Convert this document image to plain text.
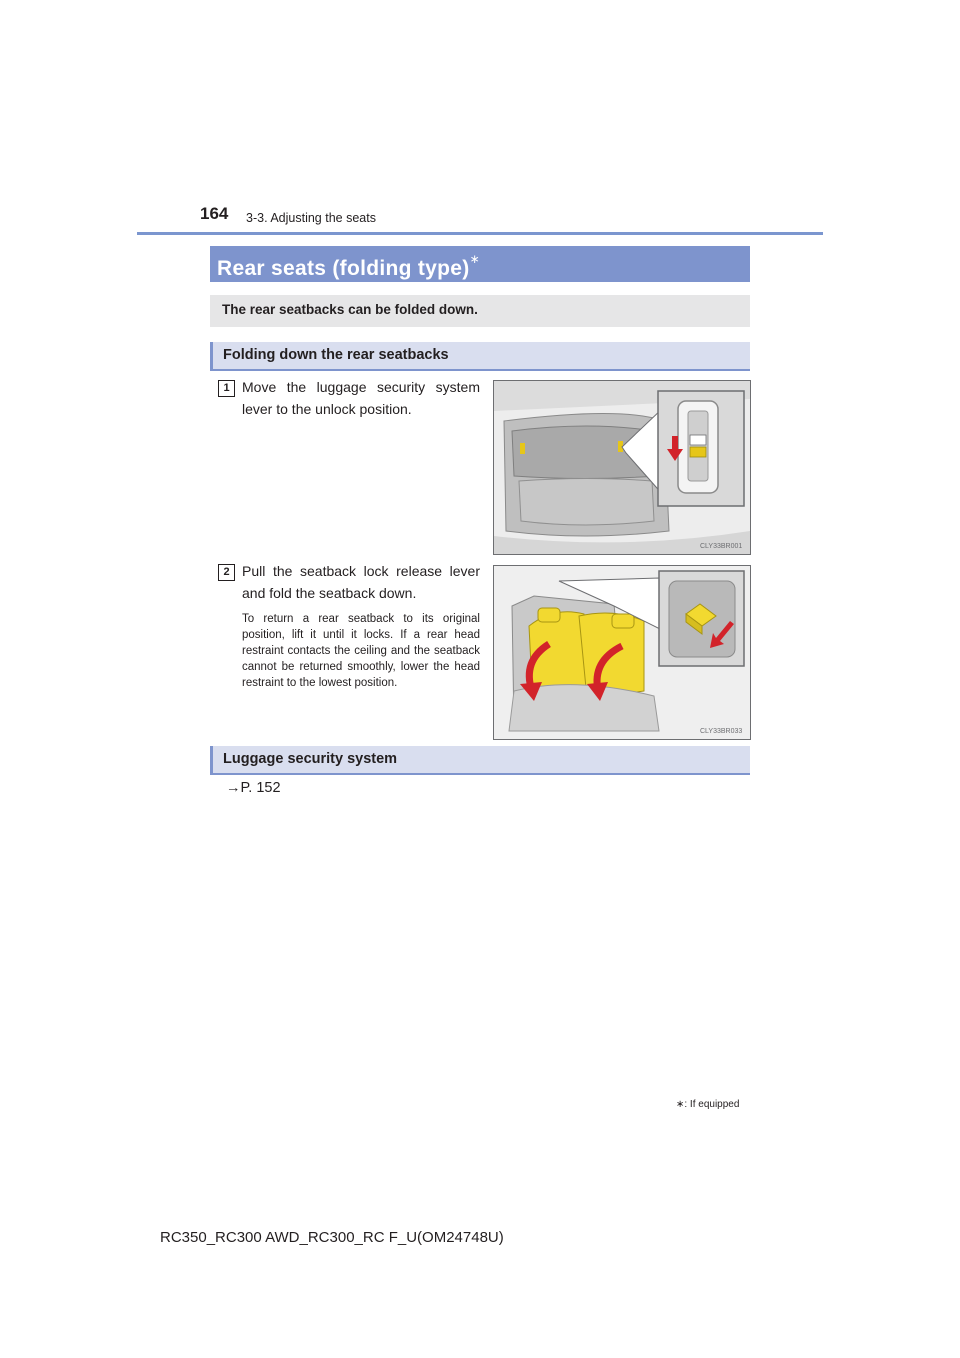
164 3-3. Adjusting the seats
Rear seats (folding type)∗
The rear seatbacks can be folded down.
Folding down the rear seatbacks
1 Move the luggage security system lever to the unlock position.
CLY33BR001
2 Pull the seatback lock release lever and fold the seatback down.
To return a rear seatback to its original position, lift it until it locks. If a rear head restraint contacts the ceiling and the seatback cannot be returned smoothly, lower the head restraint to the lowest position.
CLY33BR033
Luggage security system
→P. 152
∗: If equipped
RC350_RC300 AWD_RC300_RC F_U(OM24748U)
